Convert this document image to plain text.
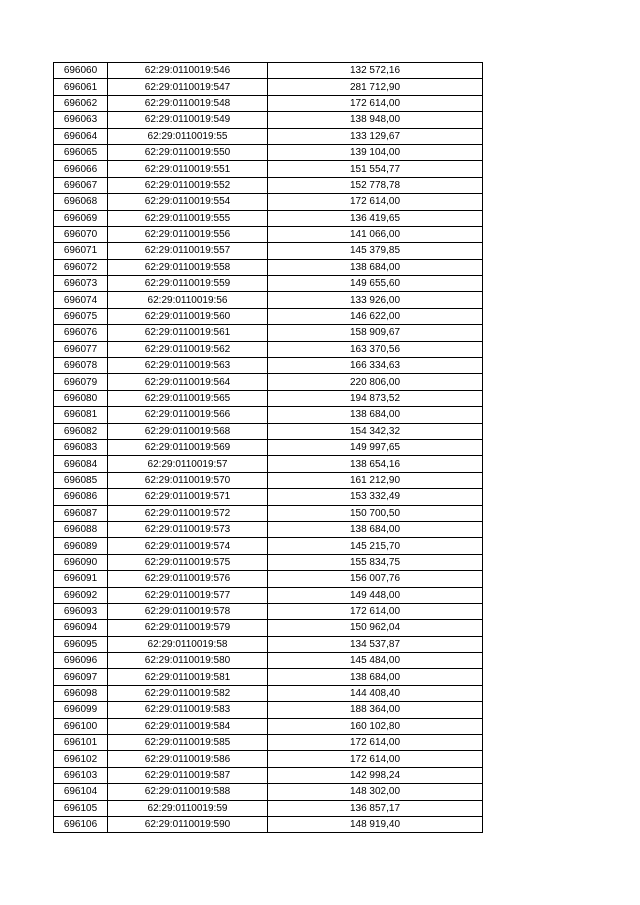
696060	62:29:0110019:546	132 572,16
696061	62:29:0110019:547	281 712,90
696062	62:29:0110019:548	172 614,00
696063	62:29:0110019:549	138 948,00
696064	62:29:0110019:55	133 129,67
696065	62:29:0110019:550	139 104,00
696066	62:29:0110019:551	151 554,77
696067	62:29:0110019:552	152 778,78
696068	62:29:0110019:554	172 614,00
696069	62:29:0110019:555	136 419,65
696070	62:29:0110019:556	141 066,00
696071	62:29:0110019:557	145 379,85
696072	62:29:0110019:558	138 684,00
696073	62:29:0110019:559	149 655,60
696074	62:29:0110019:56	133 926,00
696075	62:29:0110019:560	146 622,00
696076	62:29:0110019:561	158 909,67
696077	62:29:0110019:562	163 370,56
696078	62:29:0110019:563	166 334,63
696079	62:29:0110019:564	220 806,00
696080	62:29:0110019:565	194 873,52
696081	62:29:0110019:566	138 684,00
696082	62:29:0110019:568	154 342,32
696083	62:29:0110019:569	149 997,65
696084	62:29:0110019:57	138 654,16
696085	62:29:0110019:570	161 212,90
696086	62:29:0110019:571	153 332,49
696087	62:29:0110019:572	150 700,50
696088	62:29:0110019:573	138 684,00
696089	62:29:0110019:574	145 215,70
696090	62:29:0110019:575	155 834,75
696091	62:29:0110019:576	156 007,76
696092	62:29:0110019:577	149 448,00
696093	62:29:0110019:578	172 614,00
696094	62:29:0110019:579	150 962,04
696095	62:29:0110019:58	134 537,87
696096	62:29:0110019:580	145 484,00
696097	62:29:0110019:581	138 684,00
696098	62:29:0110019:582	144 408,40
696099	62:29:0110019:583	188 364,00
696100	62:29:0110019:584	160 102,80
696101	62:29:0110019:585	172 614,00
696102	62:29:0110019:586	172 614,00
696103	62:29:0110019:587	142 998,24
696104	62:29:0110019:588	148 302,00
696105	62:29:0110019:59	136 857,17
696106	62:29:0110019:590	148 919,40
